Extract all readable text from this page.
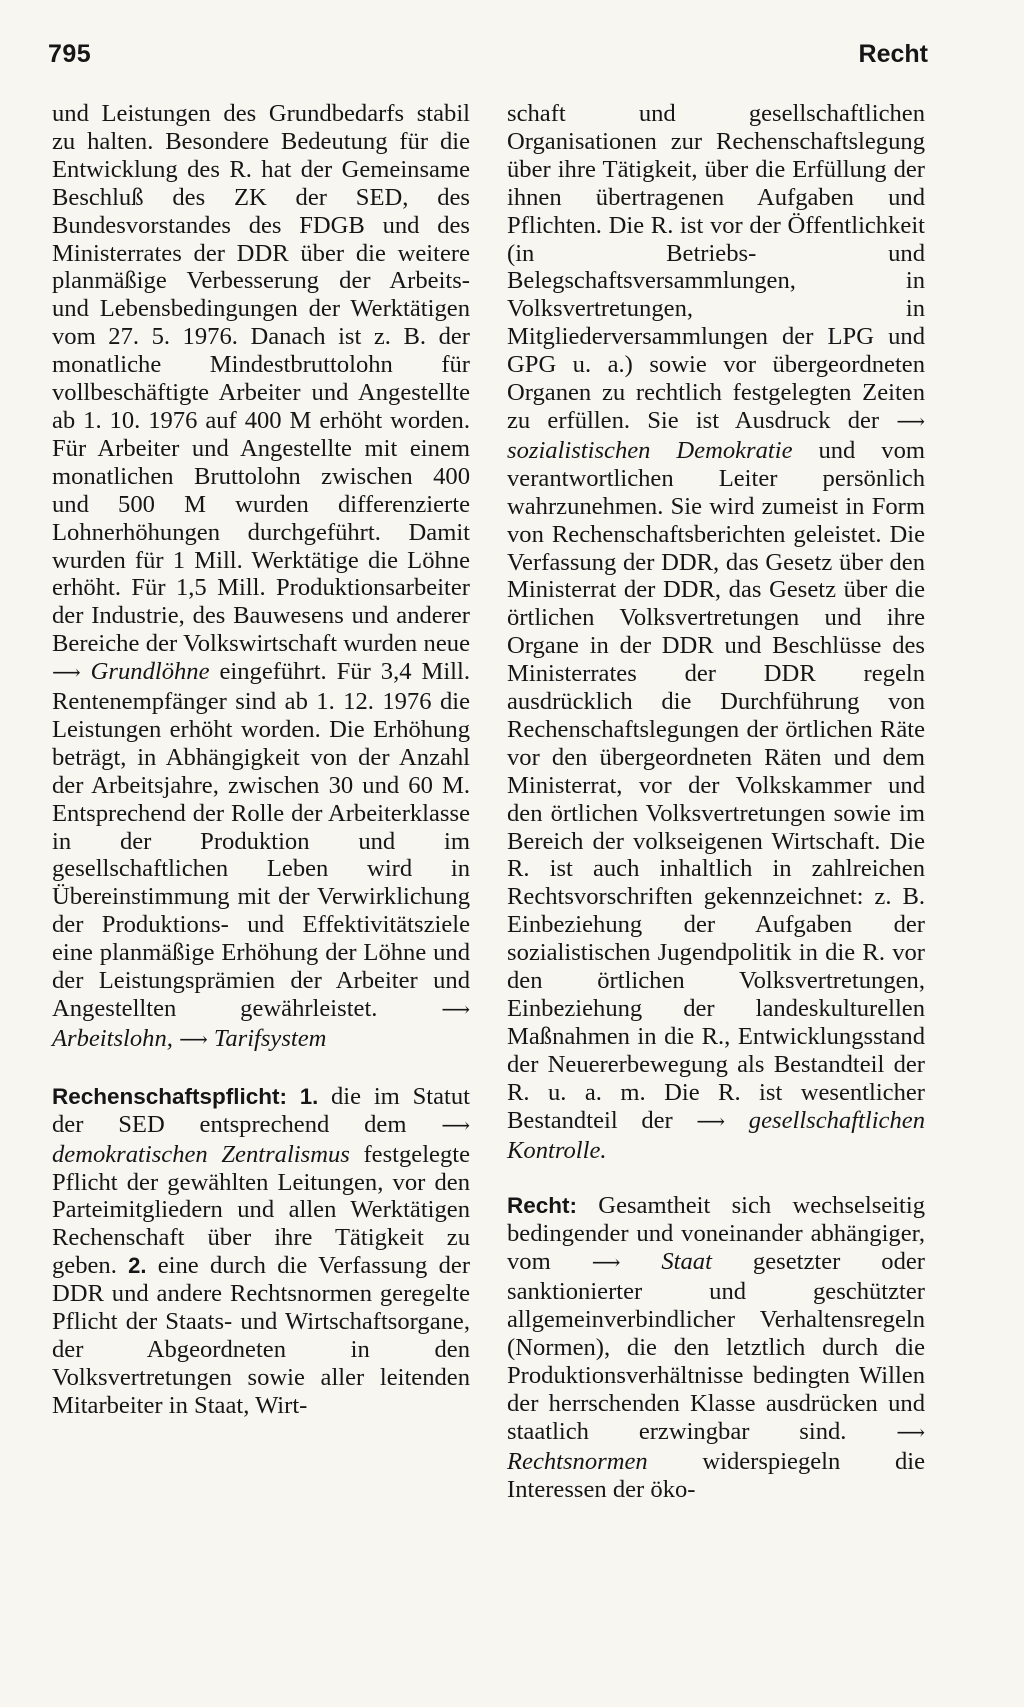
795	Recht

und Leistungen des Grundbedarfs stabil zu halten. Besondere Bedeutung für die Entwicklung des R. hat der Gemeinsame Beschluß des ZK der SED, des Bundesvorstandes des FDGB und des Ministerrates der DDR über die weitere planmäßige Verbesserung der Arbeits- und Lebensbedingungen der Werktätigen vom 27. 5. 1976. Danach ist z. B. der monatliche Mindestbruttolohn für vollbeschäftigte Arbeiter und Angestellte ab 1. 10. 1976 auf 400 M erhöht worden. Für Arbeiter und Angestellte mit einem monatlichen Bruttolohn zwischen 400 und 500 M wurden differenzierte Lohnerhöhungen durchgeführt. Damit wurden für 1 Mill. Werktätige die Löhne erhöht. Für 1,5 Mill. Produktionsarbeiter der Industrie, des Bauwesens und anderer Bereiche der Volkswirtschaft wurden neue ⟶ Grundlöhne eingeführt. Für 3,4 Mill. Rentenempfänger sind ab 1. 12. 1976 die Leistungen erhöht worden. Die Erhöhung beträgt, in Abhängigkeit von der Anzahl der Arbeitsjahre, zwischen 30 und 60 M. Entsprechend der Rolle der Arbeiterklasse in der Produktion und im gesellschaftlichen Leben wird in Übereinstimmung mit der Verwirklichung der Produktions- und Effektivitätsziele eine planmäßige Erhöhung der Löhne und der Leistungsprämien der Arbeiter und Angestellten gewährleistet.	⟶ Arbeitslohn, ⟶ Tarifsystem

Rechenschaftspflicht: 1. die im Statut der SED entsprechend dem ⟶ demokratischen Zentralismus festgelegte Pflicht der gewählten Leitungen, vor den Parteimitgliedern und allen Werktätigen Rechenschaft über ihre Tätigkeit zu geben. 2. eine durch die Verfassung der DDR und andere Rechtsnormen geregelte Pflicht der Staats- und Wirtschaftsorgane, der Abgeordneten in den Volksvertretungen sowie aller leitenden Mitarbeiter in Staat, Wirt-

schaft und gesellschaftlichen Organisationen zur Rechenschaftslegung über ihre Tätigkeit, über die Erfüllung der ihnen übertragenen Aufgaben und Pflichten. Die R. ist vor der Öffentlichkeit (in Betriebs- und Belegschaftsversammlungen, in Volksvertretungen, in Mitgliederversammlungen der LPG und GPG u. a.) sowie vor übergeordneten Organen zu rechtlich festgelegten Zeiten zu erfüllen. Sie ist Ausdruck der ⟶ sozialistischen Demokratie und vom verantwortlichen Leiter persönlich wahrzunehmen. Sie wird zumeist in Form von Rechenschaftsberichten geleistet. Die Verfassung der DDR, das Gesetz über den Ministerrat der DDR, das Gesetz über die örtlichen Volksvertretungen und ihre Organe in der DDR und Beschlüsse des Ministerrates der DDR regeln ausdrücklich die Durchführung von Rechenschaftslegungen der örtlichen Räte vor den übergeordneten Räten und dem Ministerrat, vor der Volkskammer und den örtlichen Volksvertretungen sowie im Bereich der volkseigenen Wirtschaft. Die R. ist auch inhaltlich in zahlreichen Rechtsvorschriften gekennzeichnet: z. B. Einbeziehung der Aufgaben der sozialistischen Jugendpolitik in die R. vor den örtlichen Volksvertretungen, Einbeziehung der landeskulturellen Maßnahmen in die R., Entwicklungsstand der Neuererbewegung als Bestandteil der R. u. a. m. Die R. ist wesentlicher Bestandteil der ⟶ gesellschaftlichen Kontrolle.

Recht: Gesamtheit sich wechselseitig bedingender und voneinander abhängiger, vom ⟶ Staat gesetzter oder sanktionierter und geschützter allgemeinverbindlicher Verhaltensregeln (Normen), die den letztlich durch die Produktionsverhältnisse bedingten Willen der herrschenden Klasse ausdrücken und staatlich erzwingbar sind. ⟶ Rechtsnormen widerspiegeln die Interessen der öko-
